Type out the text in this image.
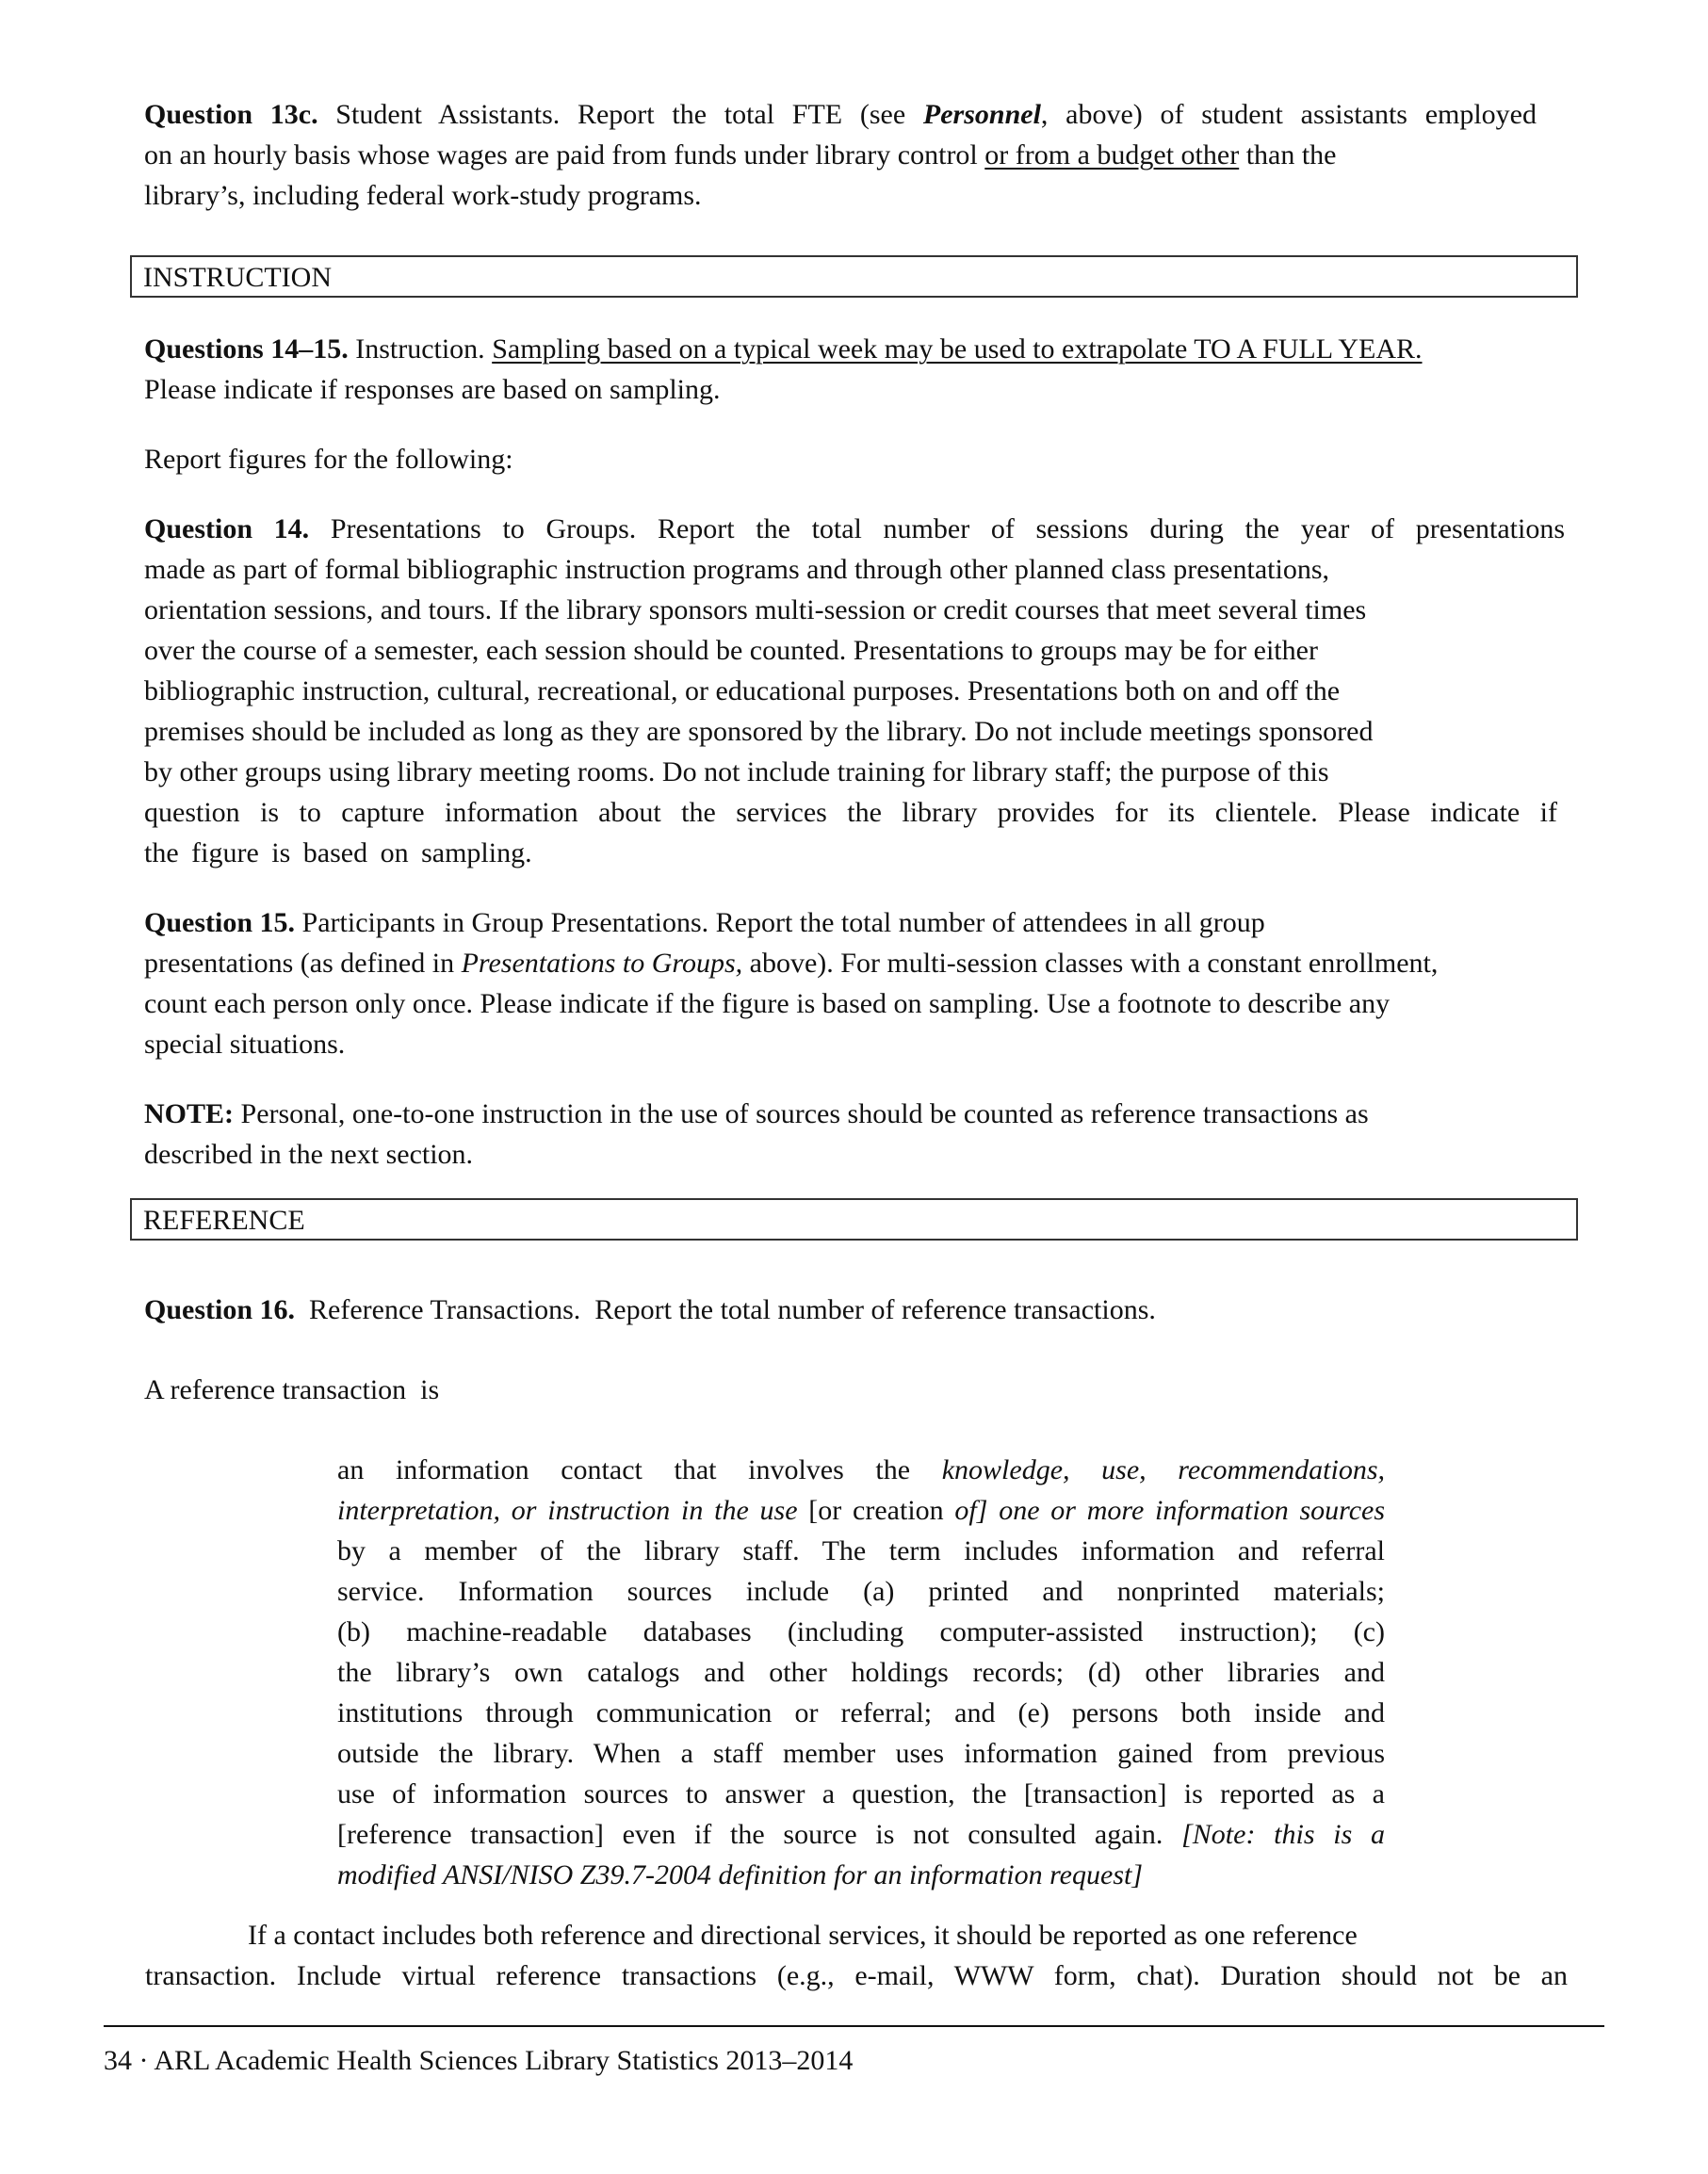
Question 13c. Student Assistants. Report the total FTE (see Personnel, above) of student assistants employed
on an hourly basis whose wages are paid from funds under library control or from a budget other than the
library’s, including federal work-study programs.
INSTRUCTION
Questions 14–15. Instruction. Sampling based on a typical week may be used to extrapolate TO A FULL YEAR.
Please indicate if responses are based on sampling.
Report figures for the following:
Question 14. Presentations to Groups. Report the total number of sessions during the year of presentations
made as part of formal bibliographic instruction programs and through other planned class presentations,
orientation sessions, and tours. If the library sponsors multi-session or credit courses that meet several times
over the course of a semester, each session should be counted. Presentations to groups may be for either
bibliographic instruction, cultural, recreational, or educational purposes. Presentations both on and off the
premises should be included as long as they are sponsored by the library. Do not include meetings sponsored
by other groups using library meeting rooms. Do not include training for library staff; the purpose of this
question is to capture information about the services the library provides for its clientele. Please indicate if
the figure is based on sampling.
Question 15. Participants in Group Presentations. Report the total number of attendees in all group
presentations (as defined in Presentations to Groups, above). For multi-session classes with a constant enrollment,
count each person only once. Please indicate if the figure is based on sampling. Use a footnote to describe any
special situations.
NOTE: Personal, one-to-one instruction in the use of sources should be counted as reference transactions as
described in the next section.
REFERENCE
Question 16.  Reference Transactions.  Report the total number of reference transactions.
A reference transaction  is
an information contact that involves the knowledge, use, recommendations,
interpretation, or instruction in the use [or creation of] one or more information sources
by a member of the library staff. The term includes information and referral
service. Information sources include (a) printed and nonprinted materials;
(b) machine-readable databases (including computer-assisted instruction); (c)
the library’s own catalogs and other holdings records; (d) other libraries and
institutions through communication or referral; and (e) persons both inside and
outside the library. When a staff member uses information gained from previous
use of information sources to answer a question, the [transaction] is reported as a
[reference transaction] even if the source is not consulted again. [Note: this is a
modified ANSI/NISO Z39.7-2004 definition for an information request]
If a contact includes both reference and directional services, it should be reported as one reference
transaction. Include virtual reference transactions (e.g., e-mail, WWW form, chat). Duration should not be an
34 · ARL Academic Health Sciences Library Statistics 2013–2014
